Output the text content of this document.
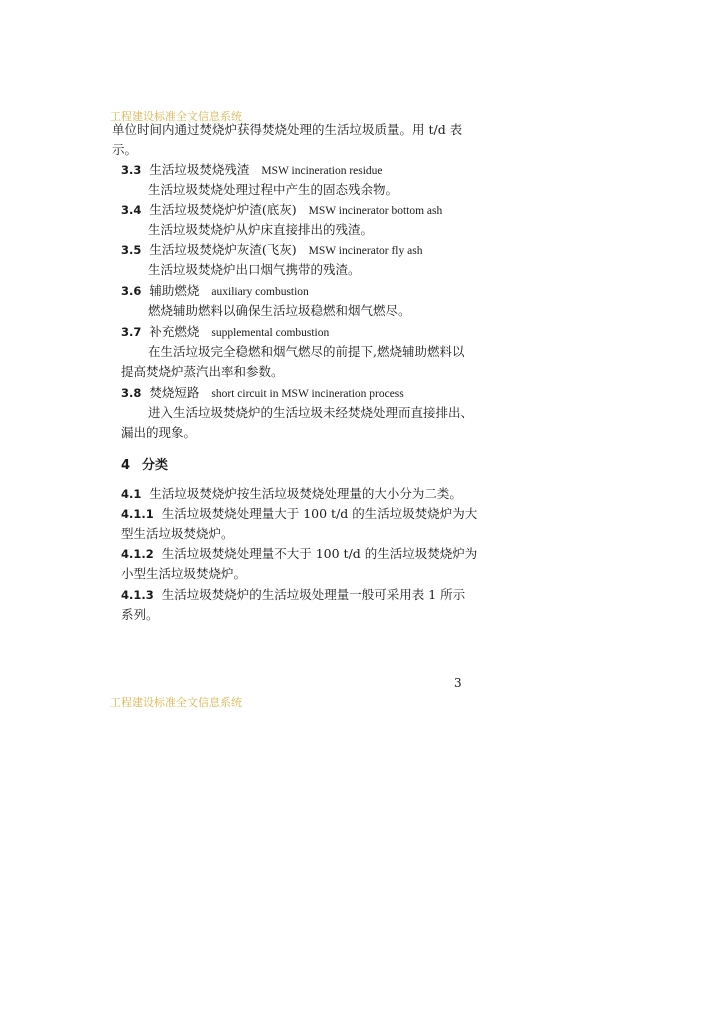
工程建设标准全文信息系统
单位时间内通过焚烧炉获得焚烧处理的生活垃圾质量。用 t/d 表
示。
3.3 生活垃圾焚烧残渣 MSW incineration residue
生活垃圾焚烧处理过程中产生的固态残余物。
3.4 生活垃圾焚烧炉炉渣(底灰) MSW incinerator bottom ash
生活垃圾焚烧炉从炉床直接排出的残渣。
3.5 生活垃圾焚烧炉灰渣(飞灰) MSW incinerator fly ash
生活垃圾焚烧炉出口烟气携带的残渣。
3.6 辅助燃烧 auxiliary combustion
燃烧辅助燃料以确保生活垃圾稳燃和烟气燃尽。
3.7 补充燃烧 supplemental combustion
在生活垃圾完全稳燃和烟气燃尽的前提下,燃烧辅助燃料以
提高焚烧炉蒸汽出率和参数。
3.8 焚烧短路 short circuit in MSW incineration process
进入生活垃圾焚烧炉的生活垃圾未经焚烧处理而直接排出、
漏出的现象。
4 分类
4.1 生活垃圾焚烧炉按生活垃圾焚烧处理量的大小分为二类。
4.1.1 生活垃圾焚烧处理量大于 100 t/d 的生活垃圾焚烧炉为大
型生活垃圾焚烧炉。
4.1.2 生活垃圾焚烧处理量不大于 100 t/d 的生活垃圾焚烧炉为
小型生活垃圾焚烧炉。
4.1.3 生活垃圾焚烧炉的生活垃圾处理量一般可采用表 1 所示
系列。
3
工程建设标准全文信息系统
